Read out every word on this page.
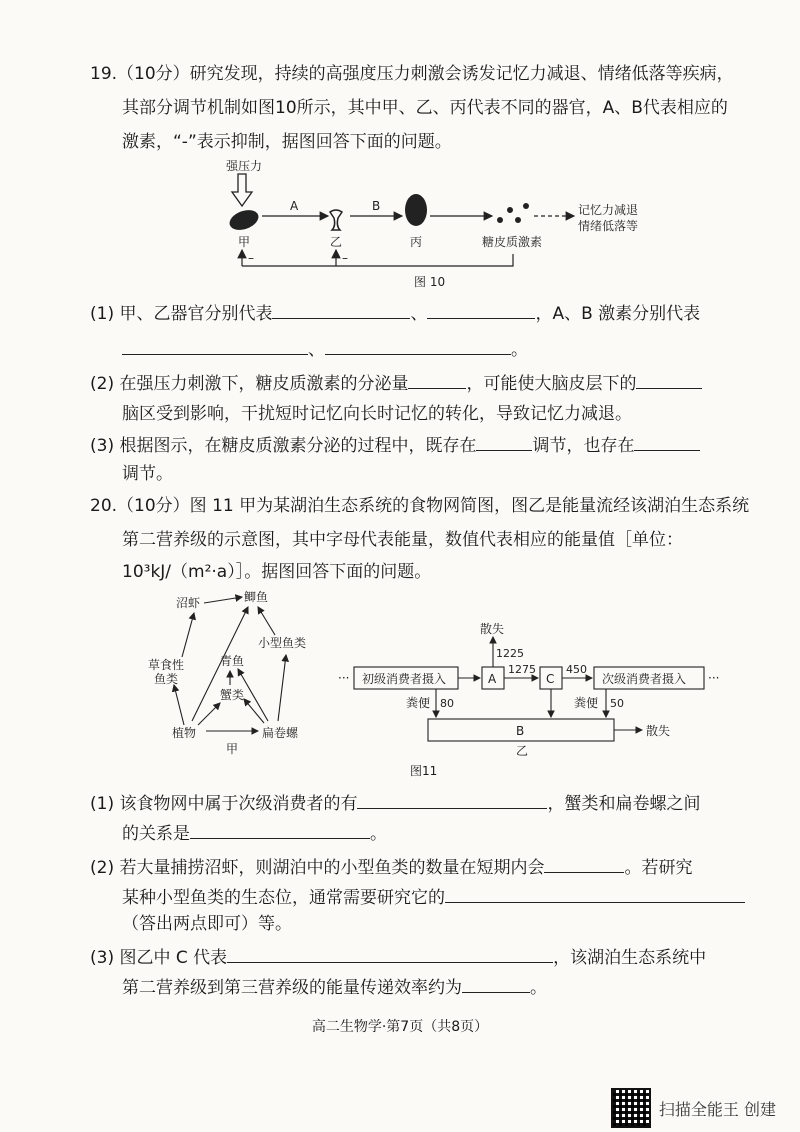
19.（10分）研究发现，持续的高强度压力刺激会诱发记忆力减退、情绪低落等疾病，
其部分调节机制如图10所示，其中甲、乙、丙代表不同的器官，A、B代表相应的
激素，“-”表示抑制，据图回答下面的问题。
强压力
A	B
甲	乙	丙	糖皮质激素
记忆力减退
情绪低落等
–	–
图 10
(1) 甲、乙器官分别代表	、	，A、B 激素分别代表
、	。
(2) 在强压力刺激下，糖皮质激素的分泌量	，可能使大脑皮层下的
脑区受到影响，干扰短时记忆向长时记忆的转化，导致记忆力减退。
(3) 根据图示，在糖皮质激素分泌的过程中，既存在	调节，也存在
调节。
20.（10分）图 11 甲为某湖泊生态系统的食物网简图，图乙是能量流经该湖泊生态系统
第二营养级的示意图，其中字母代表能量，数值代表相应的能量值［单位：
10³kJ/（m²·a）］。据图回答下面的问题。
沼虾	鲫鱼
小型鱼类
草食性
鱼类
青鱼
蟹类
植物	扁卷螺
甲
···	···
初级消费者摄入	A	C	次级消费者摄入
B
散失
散失
1225
1275	450
粪便 80	粪便 50
乙
图11
(1) 该食物网中属于次级消费者的有	，蟹类和扁卷螺之间
的关系是	。
(2) 若大量捕捞沼虾，则湖泊中的小型鱼类的数量在短期内会	。若研究
某种小型鱼类的生态位，通常需要研究它的
（答出两点即可）等。
(3) 图乙中 C 代表	，该湖泊生态系统中
第二营养级到第三营养级的能量传递效率约为	。
高二生物学·第7页（共8页）
扫描全能王 创建
